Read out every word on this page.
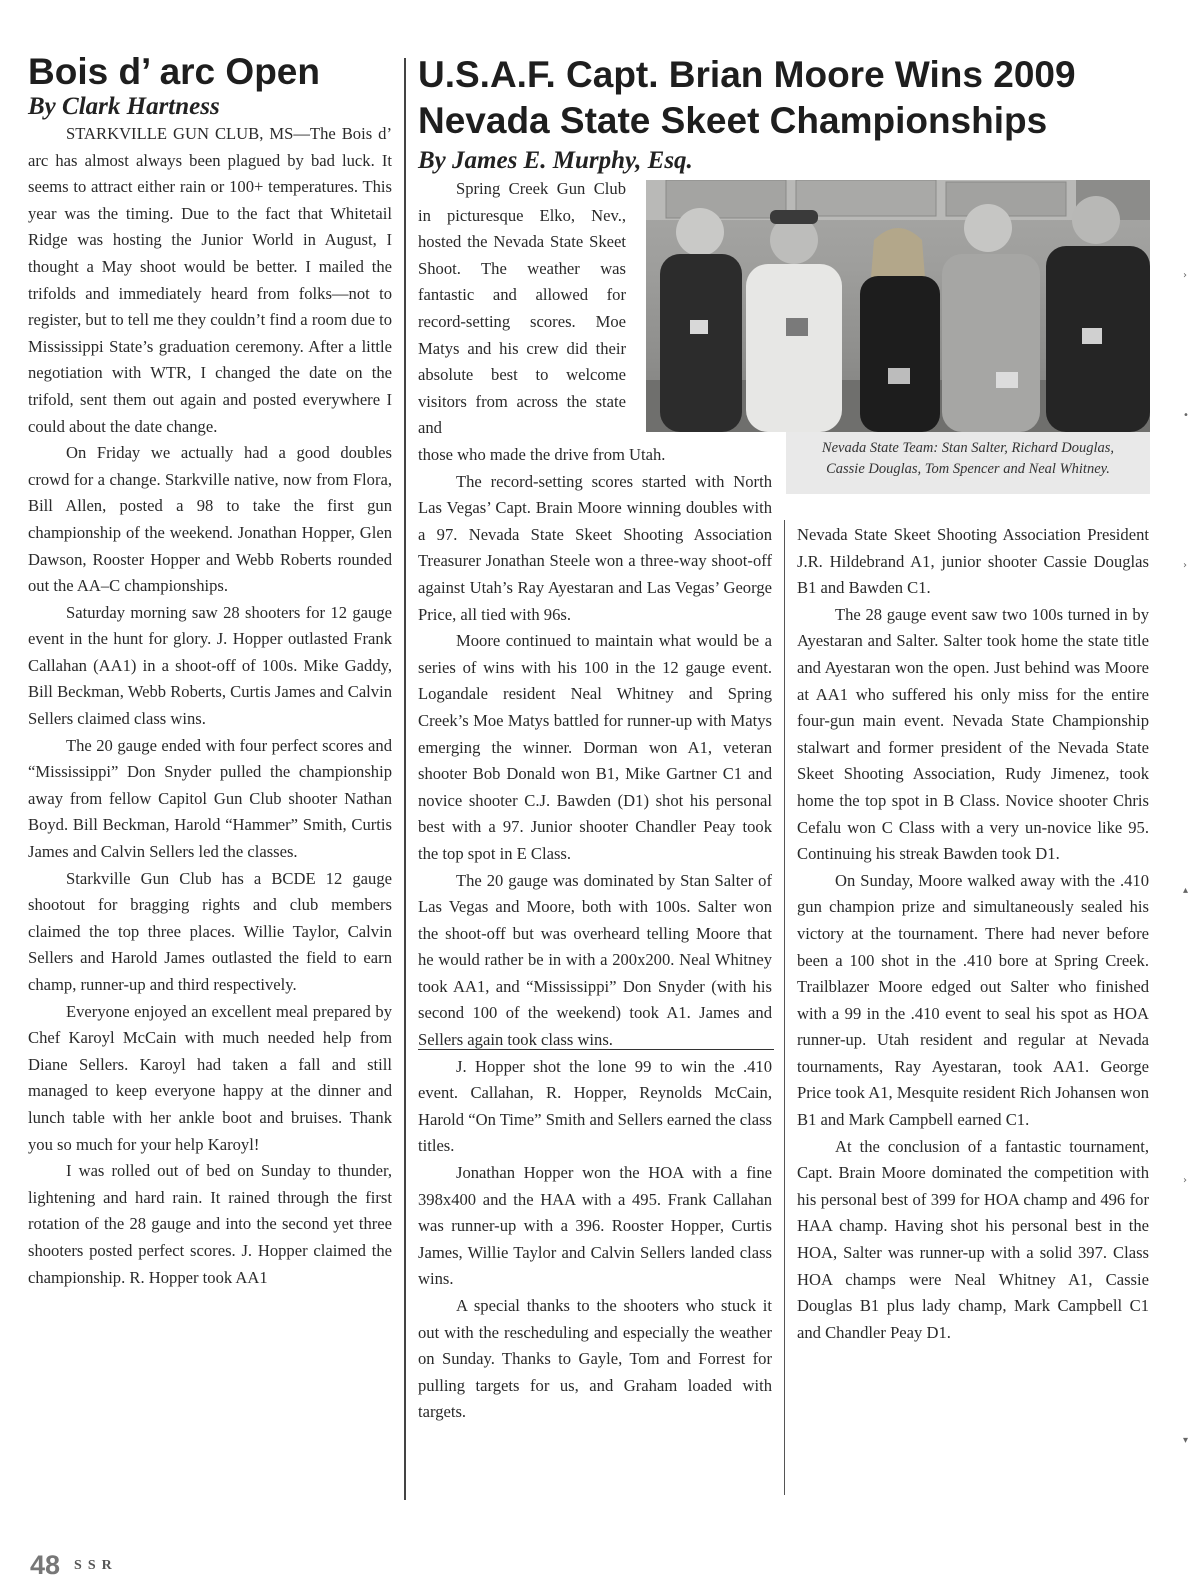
Bois d’ arc Open
By Clark Hartness

STARKVILLE GUN CLUB, MS—The Bois d’ arc has almost always been plagued by bad luck. It seems to attract either rain or 100+ temperatures. This year was the timing. Due to the fact that Whitetail Ridge was hosting the Junior World in August, I thought a May shoot would be better. I mailed the trifolds and immediately heard from folks—not to register, but to tell me they couldn’t find a room due to Mississippi State’s graduation ceremony. After a little negotiation with WTR, I changed the date on the trifold, sent them out again and posted everywhere I could about the date change.

On Friday we actually had a good doubles crowd for a change. Starkville native, now from Flora, Bill Allen, posted a 98 to take the first gun championship of the weekend. Jonathan Hopper, Glen Dawson, Rooster Hopper and Webb Roberts rounded out the AA–C championships.

Saturday morning saw 28 shooters for 12 gauge event in the hunt for glory. J. Hopper outlasted Frank Callahan (AA1) in a shoot-off of 100s. Mike Gaddy, Bill Beckman, Webb Roberts, Curtis James and Calvin Sellers claimed class wins.

The 20 gauge ended with four perfect scores and “Mississippi” Don Snyder pulled the championship away from fellow Capitol Gun Club shooter Nathan Boyd. Bill Beckman, Harold “Hammer” Smith, Curtis James and Calvin Sellers led the classes.

Starkville Gun Club has a BCDE 12 gauge shootout for bragging rights and club members claimed the top three places. Willie Taylor, Calvin Sellers and Harold James outlasted the field to earn champ, runner-up and third respectively.

Everyone enjoyed an excellent meal prepared by Chef Karoyl McCain with much needed help from Diane Sellers. Karoyl had taken a fall and still managed to keep everyone happy at the dinner and lunch table with her ankle boot and bruises. Thank you so much for your help Karoyl!

I was rolled out of bed on Sunday to thunder, lightening and hard rain. It rained through the first rotation of the 28 gauge and into the second yet three shooters posted perfect scores. J. Hopper claimed the championship. R. Hopper took AA1

U.S.A.F. Capt. Brian Moore Wins 2009
Nevada State Skeet Championships
By James E. Murphy, Esq.

Spring Creek Gun Club in picturesque Elko, Nev., hosted the Nevada State Skeet Shoot. The weather was fantastic and allowed for record-setting scores. Moe Matys and his crew did their absolute best to welcome visitors from across the state and

Nevada State Team: Stan Salter, Richard Douglas,
Cassie Douglas, Tom Spencer and Neal Whitney.

those who made the drive from Utah.

The record-setting scores started with North Las Vegas’ Capt. Brain Moore winning doubles with a 97. Nevada State Skeet Shooting Association Treasurer Jonathan Steele won a three-way shoot-off against Utah’s Ray Ayestaran and Las Vegas’ George Price, all tied with 96s.

Moore continued to maintain what would be a series of wins with his 100 in the 12 gauge event. Logandale resident Neal Whitney and Spring Creek’s Moe Matys battled for runner-up with Matys emerging the winner. Dorman won A1, veteran shooter Bob Donald won B1, Mike Gartner C1 and novice shooter C.J. Bawden (D1) shot his personal best with a 97. Junior shooter Chandler Peay took the top spot in E Class.

The 20 gauge was dominated by Stan Salter of Las Vegas and Moore, both with 100s. Salter won the shoot-off but was overheard telling Moore that he would rather be in with a 200x200. Neal Whitney took AA1, and “Mississippi” Don Snyder (with his second 100 of the weekend) took A1. James and Sellers again took class wins.

J. Hopper shot the lone 99 to win the .410 event. Callahan, R. Hopper, Reynolds McCain, Harold “On Time” Smith and Sellers earned the class titles.

Jonathan Hopper won the HOA with a fine 398x400 and the HAA with a 495. Frank Callahan was runner-up with a 396. Rooster Hopper, Curtis James, Willie Taylor and Calvin Sellers landed class wins.

A special thanks to the shooters who stuck it out with the rescheduling and especially the weather on Sunday. Thanks to Gayle, Tom and Forrest for pulling targets for us, and Graham loaded with targets.

Nevada State Skeet Shooting Association President J.R. Hildebrand A1, junior shooter Cassie Douglas B1 and Bawden C1.

The 28 gauge event saw two 100s turned in by Ayestaran and Salter. Salter took home the state title and Ayestaran won the open. Just behind was Moore at AA1 who suffered his only miss for the entire four-gun main event. Nevada State Championship stalwart and former president of the Nevada State Skeet Shooting Association, Rudy Jimenez, took home the top spot in B Class. Novice shooter Chris Cefalu won C Class with a very un-novice like 95. Continuing his streak Bawden took D1.

On Sunday, Moore walked away with the .410 gun champion prize and simultaneously sealed his victory at the tournament. There had never before been a 100 shot in the .410 bore at Spring Creek. Trailblazer Moore edged out Salter who finished with a 99 in the .410 event to seal his spot as HOA runner-up. Utah resident and regular at Nevada tournaments, Ray Ayestaran, took AA1. George Price took A1, Mesquite resident Rich Johansen won B1 and Mark Campbell earned C1.

At the conclusion of a fantastic tournament, Capt. Brain Moore dominated the competition with his personal best of 399 for HOA champ and 496 for HAA champ. Having shot his personal best in the HOA, Salter was runner-up with a solid 397. Class HOA champs were Neal Whitney A1, Cassie Douglas B1 plus lady champ, Mark Campbell C1 and Chandler Peay D1.

48 SSR
›
•
›
▴
›
▾
